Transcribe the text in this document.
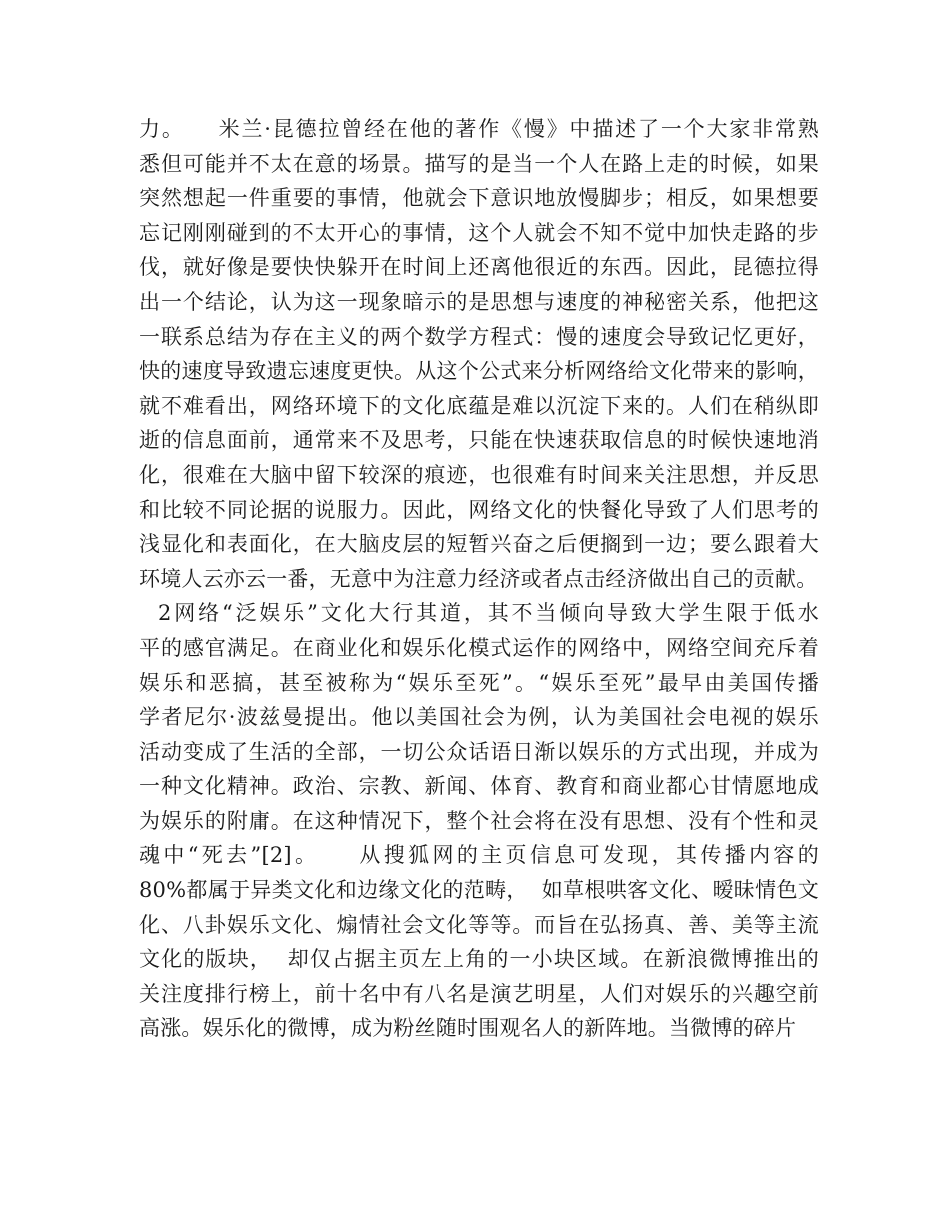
力。    米兰·昆德拉曾经在他的著作《慢》中描述了一个大家非常熟
悉但可能并不太在意的场景。描写的是当一个人在路上走的时候，如果
突然想起一件重要的事情，他就会下意识地放慢脚步；相反，如果想要
忘记刚刚碰到的不太开心的事情，这个人就会不知不觉中加快走路的步
伐，就好像是要快快躲开在时间上还离他很近的东西。因此，昆德拉得
出一个结论，认为这一现象暗示的是思想与速度的神秘密关系，他把这
一联系总结为存在主义的两个数学方程式：慢的速度会导致记忆更好，
快的速度导致遗忘速度更快。从这个公式来分析网络给文化带来的影响，
就不难看出，网络环境下的文化底蕴是难以沉淀下来的。人们在稍纵即
逝的信息面前，通常来不及思考，只能在快速获取信息的时候快速地消
化，很难在大脑中留下较深的痕迹，也很难有时间来关注思想，并反思
和比较不同论据的说服力。因此，网络文化的快餐化导致了人们思考的
浅显化和表面化，在大脑皮层的短暂兴奋之后便搁到一边；要么跟着大
环境人云亦云一番，无意中为注意力经济或者点击经济做出自己的贡献。
2网络“泛娱乐”文化大行其道，其不当倾向导致大学生限于低水
平的感官满足。在商业化和娱乐化模式运作的网络中，网络空间充斥着
娱乐和恶搞，甚至被称为“娱乐至死”。“娱乐至死”最早由美国传播
学者尼尔·波兹曼提出。他以美国社会为例，认为美国社会电视的娱乐
活动变成了生活的全部，一切公众话语日渐以娱乐的方式出现，并成为
一种文化精神。政治、宗教、新闻、体育、教育和商业都心甘情愿地成
为娱乐的附庸。在这种情况下，整个社会将在没有思想、没有个性和灵
魂中“死去”[2]。    从搜狐网的主页信息可发现，其传播内容的
80%都属于异类文化和边缘文化的范畴，  如草根哄客文化、暧昧情色文
化、八卦娱乐文化、煽情社会文化等等。而旨在弘扬真、善、美等主流
文化的版块，  却仅占据主页左上角的一小块区域。在新浪微博推出的
关注度排行榜上，前十名中有八名是演艺明星，人们对娱乐的兴趣空前
高涨。娱乐化的微博，成为粉丝随时围观名人的新阵地。当微博的碎片
